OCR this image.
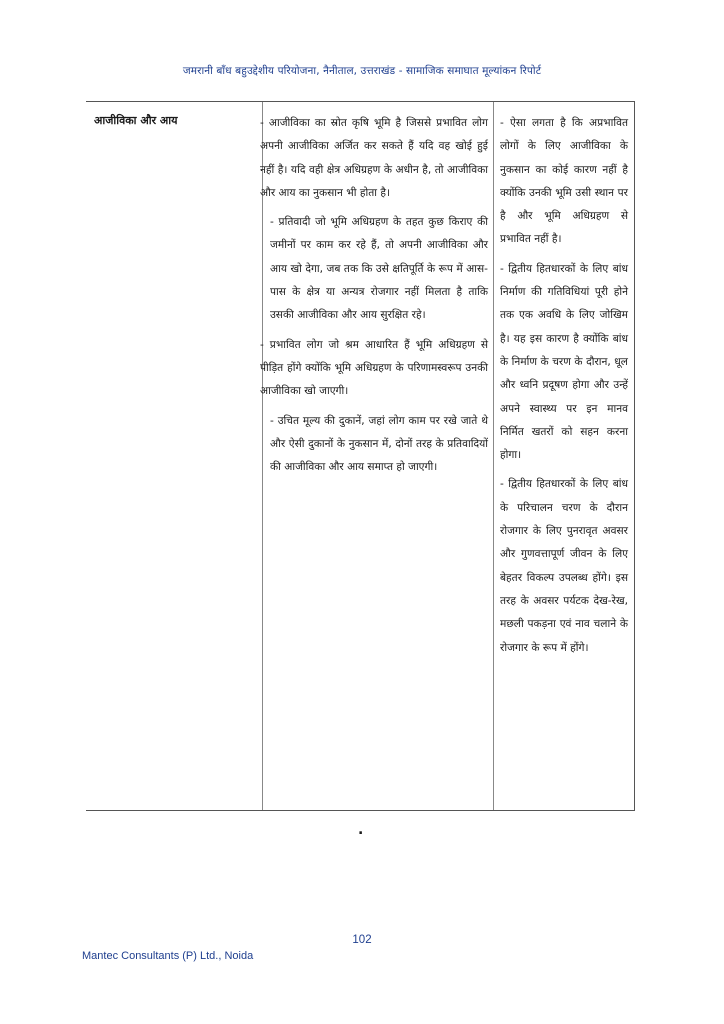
जमरानी बाँध बहुउद्देशीय परियोजना, नैनीताल, उत्तराखंड - सामाजिक समाघात मूल्यांकन रिपोर्ट
आजीविका और आय	- आजीविका का स्रोत कृषि भूमि है जिससे प्रभावित लोग अपनी आजीविका अर्जित कर सकते हैं यदि वह खोई हुई नहीं है। यदि वही क्षेत्र अधिग्रहण के अधीन है, तो आजीविका और आय का नुकसान भी होता है।

- प्रतिवादी जो भूमि अधिग्रहण के तहत कुछ किराए की जमीनों पर काम कर रहे हैं, तो अपनी आजीविका और आय खो देगा, जब तक कि उसे क्षतिपूर्ति के रूप में आस-पास के क्षेत्र या अन्यत्र रोजगार नहीं मिलता है ताकि उसकी आजीविका और आय सुरक्षित रहे।

- प्रभावित लोग जो श्रम आधारित हैं भूमि अधिग्रहण से पीड़ित होंगे क्योंकि भूमि अधिग्रहण के परिणामस्वरूप उनकी आजीविका खो जाएगी।

- उचित मूल्य की दुकानें, जहां लोग काम पर रखे जाते थे और ऐसी दुकानों के नुकसान में, दोनों तरह के प्रतिवादियों की आजीविका और आय समाप्त हो जाएगी।

- ऐसा लगता है कि अप्रभावित लोगों के लिए आजीविका के नुकसान का कोई कारण नहीं है क्योंकि उनकी भूमि उसी स्थान पर है और भूमि अधिग्रहण से प्रभावित नहीं है।

- द्वितीय हितधारकों के लिए बांध निर्माण की गतिविधियां पूरी होने तक एक अवधि के लिए जोखिम है। यह इस कारण है क्योंकि बांध के निर्माण के चरण के दौरान, धूल और ध्वनि प्रदूषण होगा और उन्हें अपने स्वास्थ्य पर इन मानव निर्मित खतरों को सहन करना होगा।

- द्वितीय हितधारकों के लिए बांध के परिचालन चरण के दौरान रोजगार के लिए पुनरावृत अवसर और गुणवत्तापूर्ण जीवन के लिए बेहतर विकल्प उपलब्ध होंगे। इस तरह के अवसर पर्यटक देख-रेख, मछली पकड़ना एवं नाव चलाने के रोजगार के रूप में होंगे।

.
102
Mantec Consultants (P) Ltd., Noida
